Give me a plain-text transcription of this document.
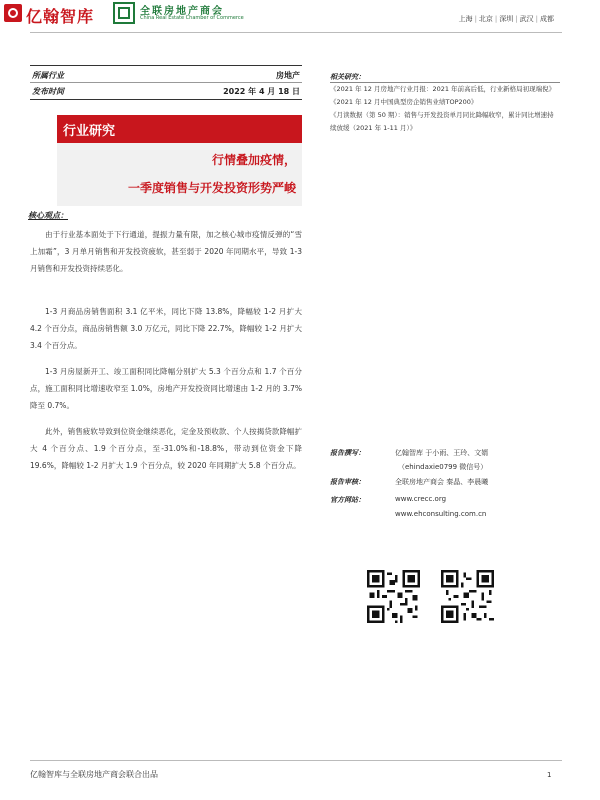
亿翰智库	全联房地产商会
China Real Estate Chamber of Commerce	上海 | 北京 | 深圳 | 武汉 | 成都
所属行业	房地产
发布时间	2022 年 4 月 18 日
行业研究
行情叠加疫情，
一季度销售与开发投资形势严峻
核心观点：
由于行业基本面处于下行通道，提振力量有限，加之核心城市疫情反弹的“雪上加霜”，3 月单月销售和开发投资疲软，甚至弱于 2020 年同期水平，导致 1-3 月销售和开发投资持续恶化。
1-3 月商品房销售面积 3.1 亿平米，同比下降 13.8%，降幅较 1-2 月扩大 4.2 个百分点，商品房销售额 3.0 万亿元，同比下降 22.7%，降幅较 1-2 月扩大 3.4 个百分点。
1-3 月房屋新开工、竣工面积同比降幅分别扩大 5.3 个百分点和 1.7 个百分点，施工面积同比增速收窄至 1.0%，房地产开发投资同比增速由 1-2 月的 3.7%降至 0.7%。
此外，销售疲软导致到位资金继续恶化，定金及预收款、个人按揭贷款降幅扩大 4 个百分点、1.9 个百分点，至-31.0%和-18.8%，带动到位资金下降 19.6%，降幅较 1-2 月扩大 1.9 个百分点，较 2020 年同期扩大 5.8 个百分点。
相关研究：
《2021 年 12 月房地产行业月报：2021 年前高后低，行业新格局初现端倪》
《2021 年 12 月中国典型房企销售业绩TOP200》
《月读数据（第 50 期）：销售与开发投资单月同比降幅收窄，累计同比增速持续放缓（2021 年 1-11 月）》
报告撰写：	亿翰智库 于小雨、王玲、文婿
（ehindaxie0799 微信号）
报告审核：	全联房地产商会 秦晶、李晨曦
官方网站：	www.crecc.org
www.ehconsulting.com.cn
亿翰智库与全联房地产商会联合出品	1
